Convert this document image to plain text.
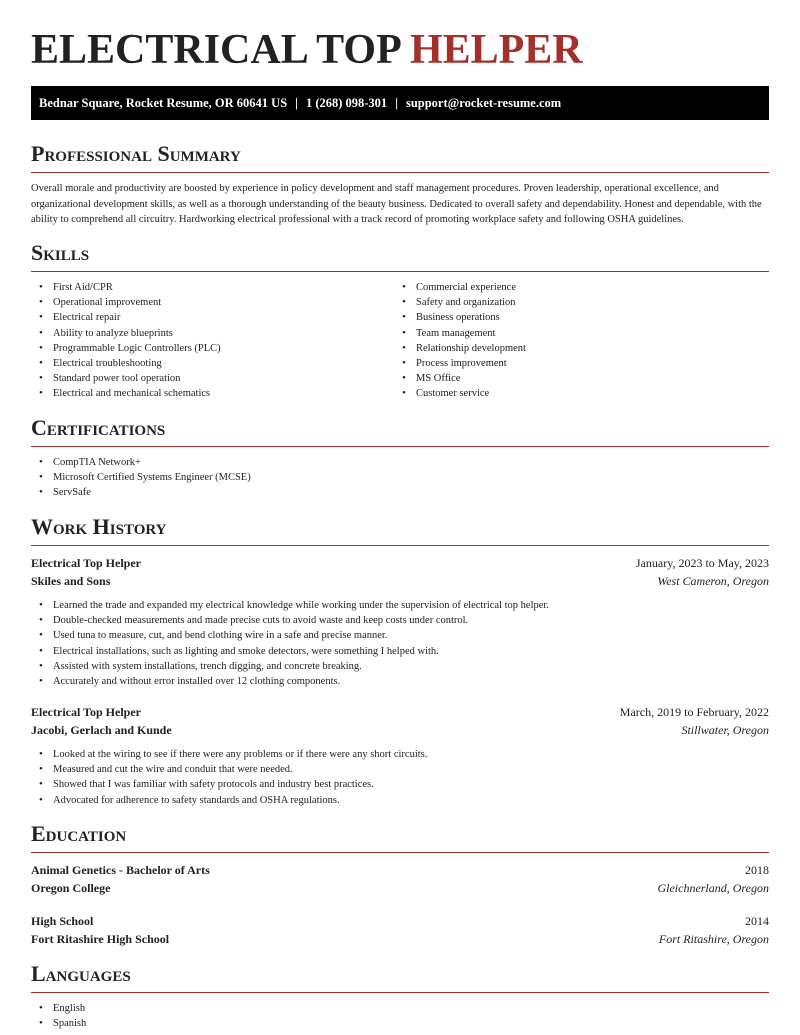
ELECTRICAL TOP HELPER
Bednar Square, Rocket Resume, OR 60641 US | 1 (268) 098-301 | support@rocket-resume.com
Professional Summary

Overall morale and productivity are boosted by experience in policy development and staff management procedures. Proven leadership, operational excellence, and organizational development skills, as well as a thorough understanding of the beauty business. Dedicated to overall safety and dependability. Honest and dependable, with the ability to comprehend all circuitry. Hardworking electrical professional with a track record of promoting workplace safety and following OSHA guidelines.

Skills
• First Aid/CPR
• Operational improvement
• Electrical repair
• Ability to analyze blueprints
• Programmable Logic Controllers (PLC)
• Electrical troubleshooting
• Standard power tool operation
• Electrical and mechanical schematics
• Commercial experience
• Safety and organization
• Business operations
• Team management
• Relationship development
• Process improvement
• MS Office
• Customer service
Certifications
• CompTIA Network+
• Microsoft Certified Systems Engineer (MCSE)
• ServSafe
Work History
Electrical Top Helper	January, 2023 to May, 2023
Skiles and Sons	West Cameron, Oregon
• Learned the trade and expanded my electrical knowledge while working under the supervision of electrical top helper.
• Double-checked measurements and made precise cuts to avoid waste and keep costs under control.
• Used tuna to measure, cut, and bend clothing wire in a safe and precise manner.
• Electrical installations, such as lighting and smoke detectors, were something I helped with.
• Assisted with system installations, trench digging, and concrete breaking.
• Accurately and without error installed over 12 clothing components.
Electrical Top Helper	March, 2019 to February, 2022
Jacobi, Gerlach and Kunde	Stillwater, Oregon
• Looked at the wiring to see if there were any problems or if there were any short circuits.
• Measured and cut the wire and conduit that were needed.
• Showed that I was familiar with safety protocols and industry best practices.
• Advocated for adherence to safety standards and OSHA regulations.
Education
Animal Genetics - Bachelor of Arts	2018
Oregon College	Gleichnerland, Oregon
High School	2014
Fort Ritashire High School	Fort Ritashire, Oregon
Languages
• English
• Spanish
